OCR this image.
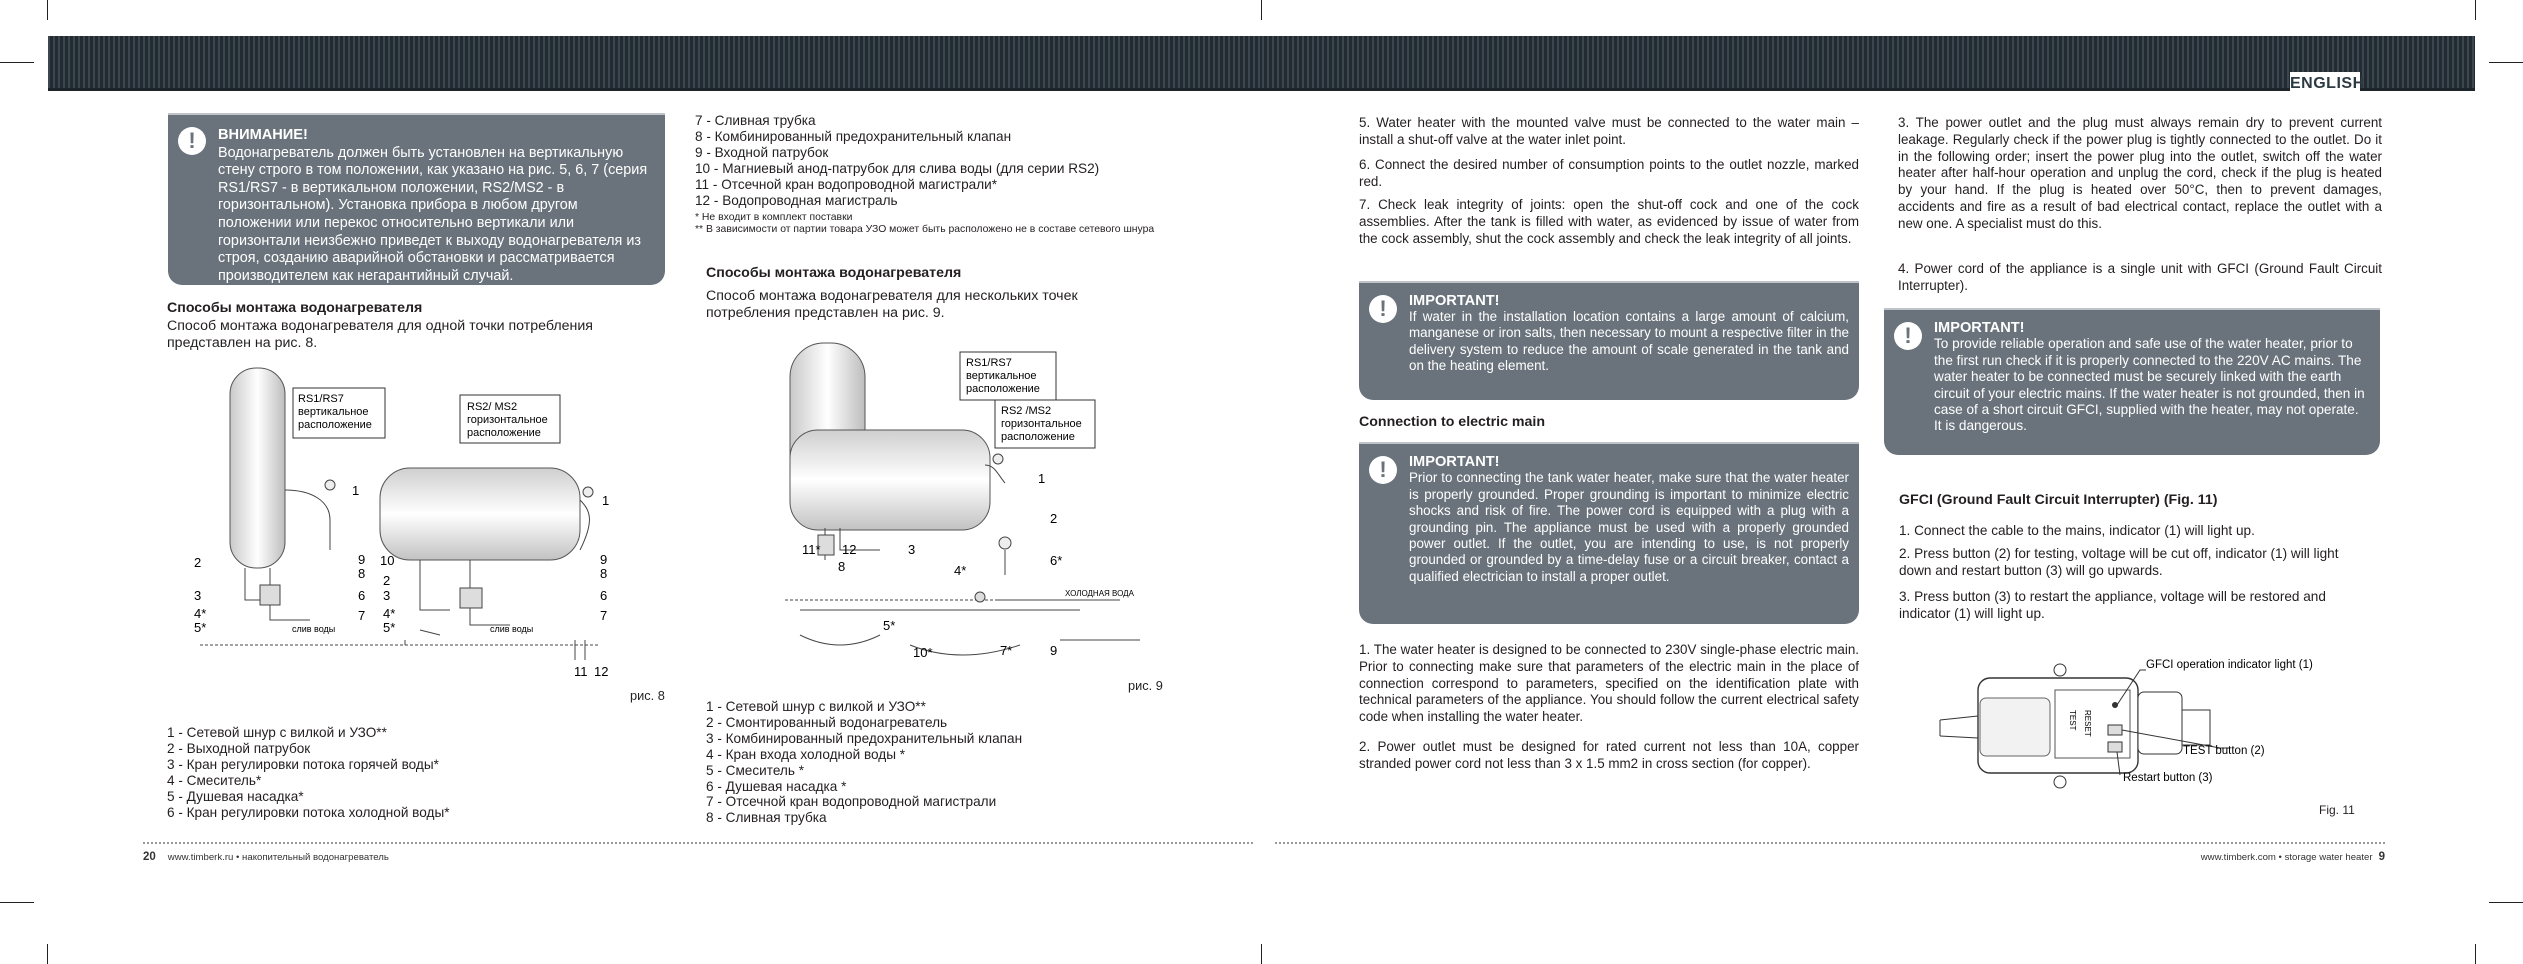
ENGLISH
!	ВНИМАНИЕ!
Водонагреватель должен быть установлен на вертикальную стену строго в том положении, как указано на рис. 5, 6, 7 (серия RS1/RS7 - в вертикальном положении, RS2/MS2 - в горизонтальном). Установка прибора в любом другом положении или перекос относительно вертикали или горизонтали неизбежно приведет к выходу водонагревателя из строя, созданию аварийной обстановки и рассматривается производителем как негарантийный случай.
Способы монтажа водонагревателя
Способ монтажа водонагревателя для одной точки потребления представлен на рис. 8.
RS1/RS7
вертикальное
расположение
RS2/ MS2
горизонтальное
расположение
1
1
2
2
3	3
4*	4*
5*	5*
6	6
7	7
8	8
9	9
10
11 12
слив воды	слив воды
рис. 8
1 - Сетевой шнур с вилкой и УЗО**
2 - Выходной патрубок
3 - Кран регулировки потока горячей воды*
4 - Смеситель*
5 - Душевая насадка*
6 - Кран регулировки потока холодной воды*
7 - Сливная трубка
8 - Комбинированный предохранительный клапан
9 - Входной патрубок
10 - Магниевый анод-патрубок для слива воды (для серии RS2)
11 - Отсечной кран водопроводной магистрали*
12 - Водопроводная магистраль
* Не входит в комплект поставки
** В зависимости от партии товара УЗО может быть расположено не в составе сетевого шнура
Способы монтажа водонагревателя
Способ монтажа водонагревателя для нескольких точек потребления представлен на рис. 9.
RS1/RS7
вертикальное
расположение
RS2 /MS2
горизонтальное
расположение
1
2
3
4*
5*
6*
7*
8
9
10*
11* 12
ХОЛОДНАЯ ВОДА
рис. 9
1 - Сетевой шнур с вилкой и УЗО**
2 - Смонтированный водонагреватель
3 - Комбинированный предохранительный клапан
4 - Кран входа холодной воды *
5 - Смеситель *
6 - Душевая насадка *
7 - Отсечной кран водопроводной магистрали
8 - Сливная трубка
20 www.timberk.ru • накопительный водонагреватель
5. Water heater with the mounted valve must be connected to the water main – install a shut-off valve at the water inlet point.
6. Connect the desired number of consumption points to the outlet nozzle, marked red.
7. Check leak integrity of joints: open the shut-off cock and one of the cock assemblies. After the tank is filled with water, as evidenced by issue of water from the cock assembly, shut the cock assembly and check the leak integrity of all joints.
!	IMPORTANT!
If water in the installation location contains a large amount of calcium, manganese or iron salts, then necessary to mount a respective filter in the delivery system to reduce the amount of scale generated in the tank and on the heating element.
Connection to electric main
!	IMPORTANT!
Prior to connecting the tank water heater, make sure that the water heater is properly grounded. Proper grounding is important to minimize electric shocks and risk of fire. The power cord is equipped with a plug with a grounding pin. The appliance must be used with a properly grounded power outlet. If the outlet, you are intending to use, is not properly grounded or grounded by a time-delay fuse or a circuit breaker, contact a qualified electrician to install a proper outlet.
1. The water heater is designed to be connected to 230V single-phase electric main. Prior to connecting make sure that parameters of the electric main in the place of connection correspond to parameters, specified on the identification plate with technical parameters of the appliance. You should follow the current electrical safety code when installing the water heater.
2. Power outlet must be designed for rated current not less than 10A, copper stranded power cord not less than 3 x 1.5 mm2 in cross section (for copper).
3. The power outlet and the plug must always remain dry to prevent current leakage. Regularly check if the power plug is tightly connected to the outlet. Do it in the following order; insert the power plug into the outlet, switch off the water heater after half-hour operation and unplug the cord, check if the plug is heated by your hand. If the plug is heated over 50°C, then to prevent damages, accidents and fire as a result of bad electrical contact, replace the outlet with a new one. A specialist must do this.
4. Power cord of the appliance is a single unit with GFCI (Ground Fault Circuit Interrupter).
!	IMPORTANT!
To provide reliable operation and safe use of the water heater, prior to the first run check if it is properly connected to the 220V AC mains. The water heater to be connected must be securely linked with the earth circuit of your electric mains. If the water heater is not grounded, then in case of a short circuit GFCI, supplied with the heater, may not operate. It is dangerous.
GFCI (Ground Fault Circuit Interrupter) (Fig. 11)
1. Connect the cable to the mains, indicator (1) will light up.
2. Press button (2) for testing, voltage will be cut off, indicator (1) will light down and restart button (3) will go upwards.
3. Press button (3) to restart the appliance, voltage will be restored and indicator (1) will light up.
TEST RESET
GFCI operation indicator light (1)
TEST button (2)
Restart button (3)
Fig. 11
www.timberk.com • storage water heater 9
